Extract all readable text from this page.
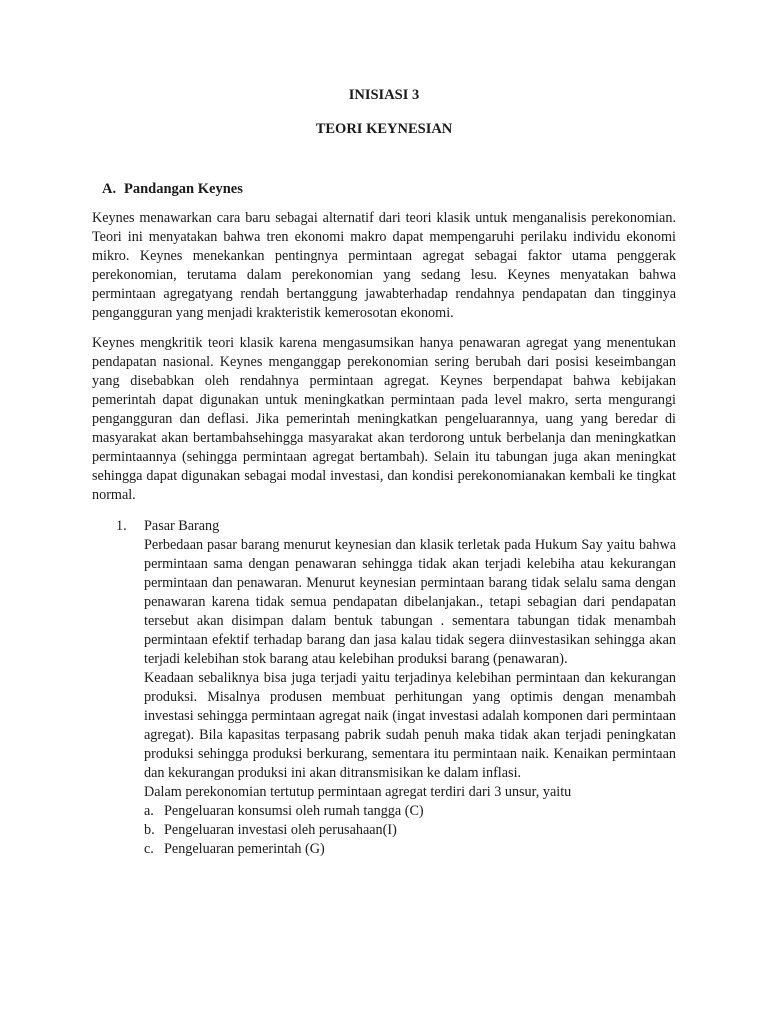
INISIASI 3
TEORI KEYNESIAN
A. Pandangan Keynes

Keynes menawarkan cara baru sebagai alternatif dari teori klasik untuk menganalisis perekonomian. Teori ini menyatakan bahwa tren ekonomi makro dapat mempengaruhi perilaku individu ekonomi mikro. Keynes menekankan pentingnya permintaan agregat sebagai faktor utama penggerak perekonomian, terutama dalam perekonomian yang sedang lesu. Keynes menyatakan bahwa permintaan agregatyang rendah bertanggung jawabterhadap rendahnya pendapatan dan tingginya pengangguran yang menjadi krakteristik kemerosotan ekonomi.

Keynes mengkritik teori klasik karena mengasumsikan hanya penawaran agregat yang menentukan pendapatan nasional. Keynes menganggap perekonomian sering berubah dari posisi keseimbangan yang disebabkan oleh rendahnya permintaan agregat. Keynes berpendapat bahwa kebijakan pemerintah dapat digunakan untuk meningkatkan permintaan pada level makro, serta mengurangi pengangguran dan deflasi. Jika pemerintah meningkatkan pengeluarannya, uang yang beredar di masyarakat akan bertambahsehingga masyarakat akan terdorong untuk berbelanja dan meningkatkan permintaannya (sehingga permintaan agregat bertambah). Selain itu tabungan juga akan meningkat sehingga dapat digunakan sebagai modal investasi, dan kondisi perekonomianakan kembali ke tingkat normal.

1. Pasar Barang

Perbedaan pasar barang menurut keynesian dan klasik terletak pada Hukum Say yaitu bahwa permintaan sama dengan penawaran sehingga tidak akan terjadi kelebiha atau kekurangan permintaan dan penawaran. Menurut keynesian permintaan barang tidak selalu sama dengan penawaran karena tidak semua pendapatan dibelanjakan., tetapi sebagian dari pendapatan tersebut akan disimpan dalam bentuk tabungan . sementara tabungan tidak menambah permintaan efektif terhadap barang dan jasa kalau tidak segera diinvestasikan sehingga akan terjadi kelebihan stok barang atau kelebihan produksi barang (penawaran).

Keadaan sebaliknya bisa juga terjadi yaitu terjadinya kelebihan permintaan dan kekurangan produksi. Misalnya produsen membuat perhitungan yang optimis dengan menambah investasi sehingga permintaan agregat naik (ingat investasi adalah komponen dari permintaan agregat). Bila kapasitas terpasang pabrik sudah penuh maka tidak akan terjadi peningkatan produksi sehingga produksi berkurang, sementara itu permintaan naik. Kenaikan permintaan dan kekurangan produksi ini akan ditransmisikan ke dalam inflasi.

Dalam perekonomian tertutup permintaan agregat terdiri dari 3 unsur, yaitu

a. Pengeluaran konsumsi oleh rumah tangga (C)
b. Pengeluaran investasi oleh perusahaan(I)
c. Pengeluaran pemerintah (G)
